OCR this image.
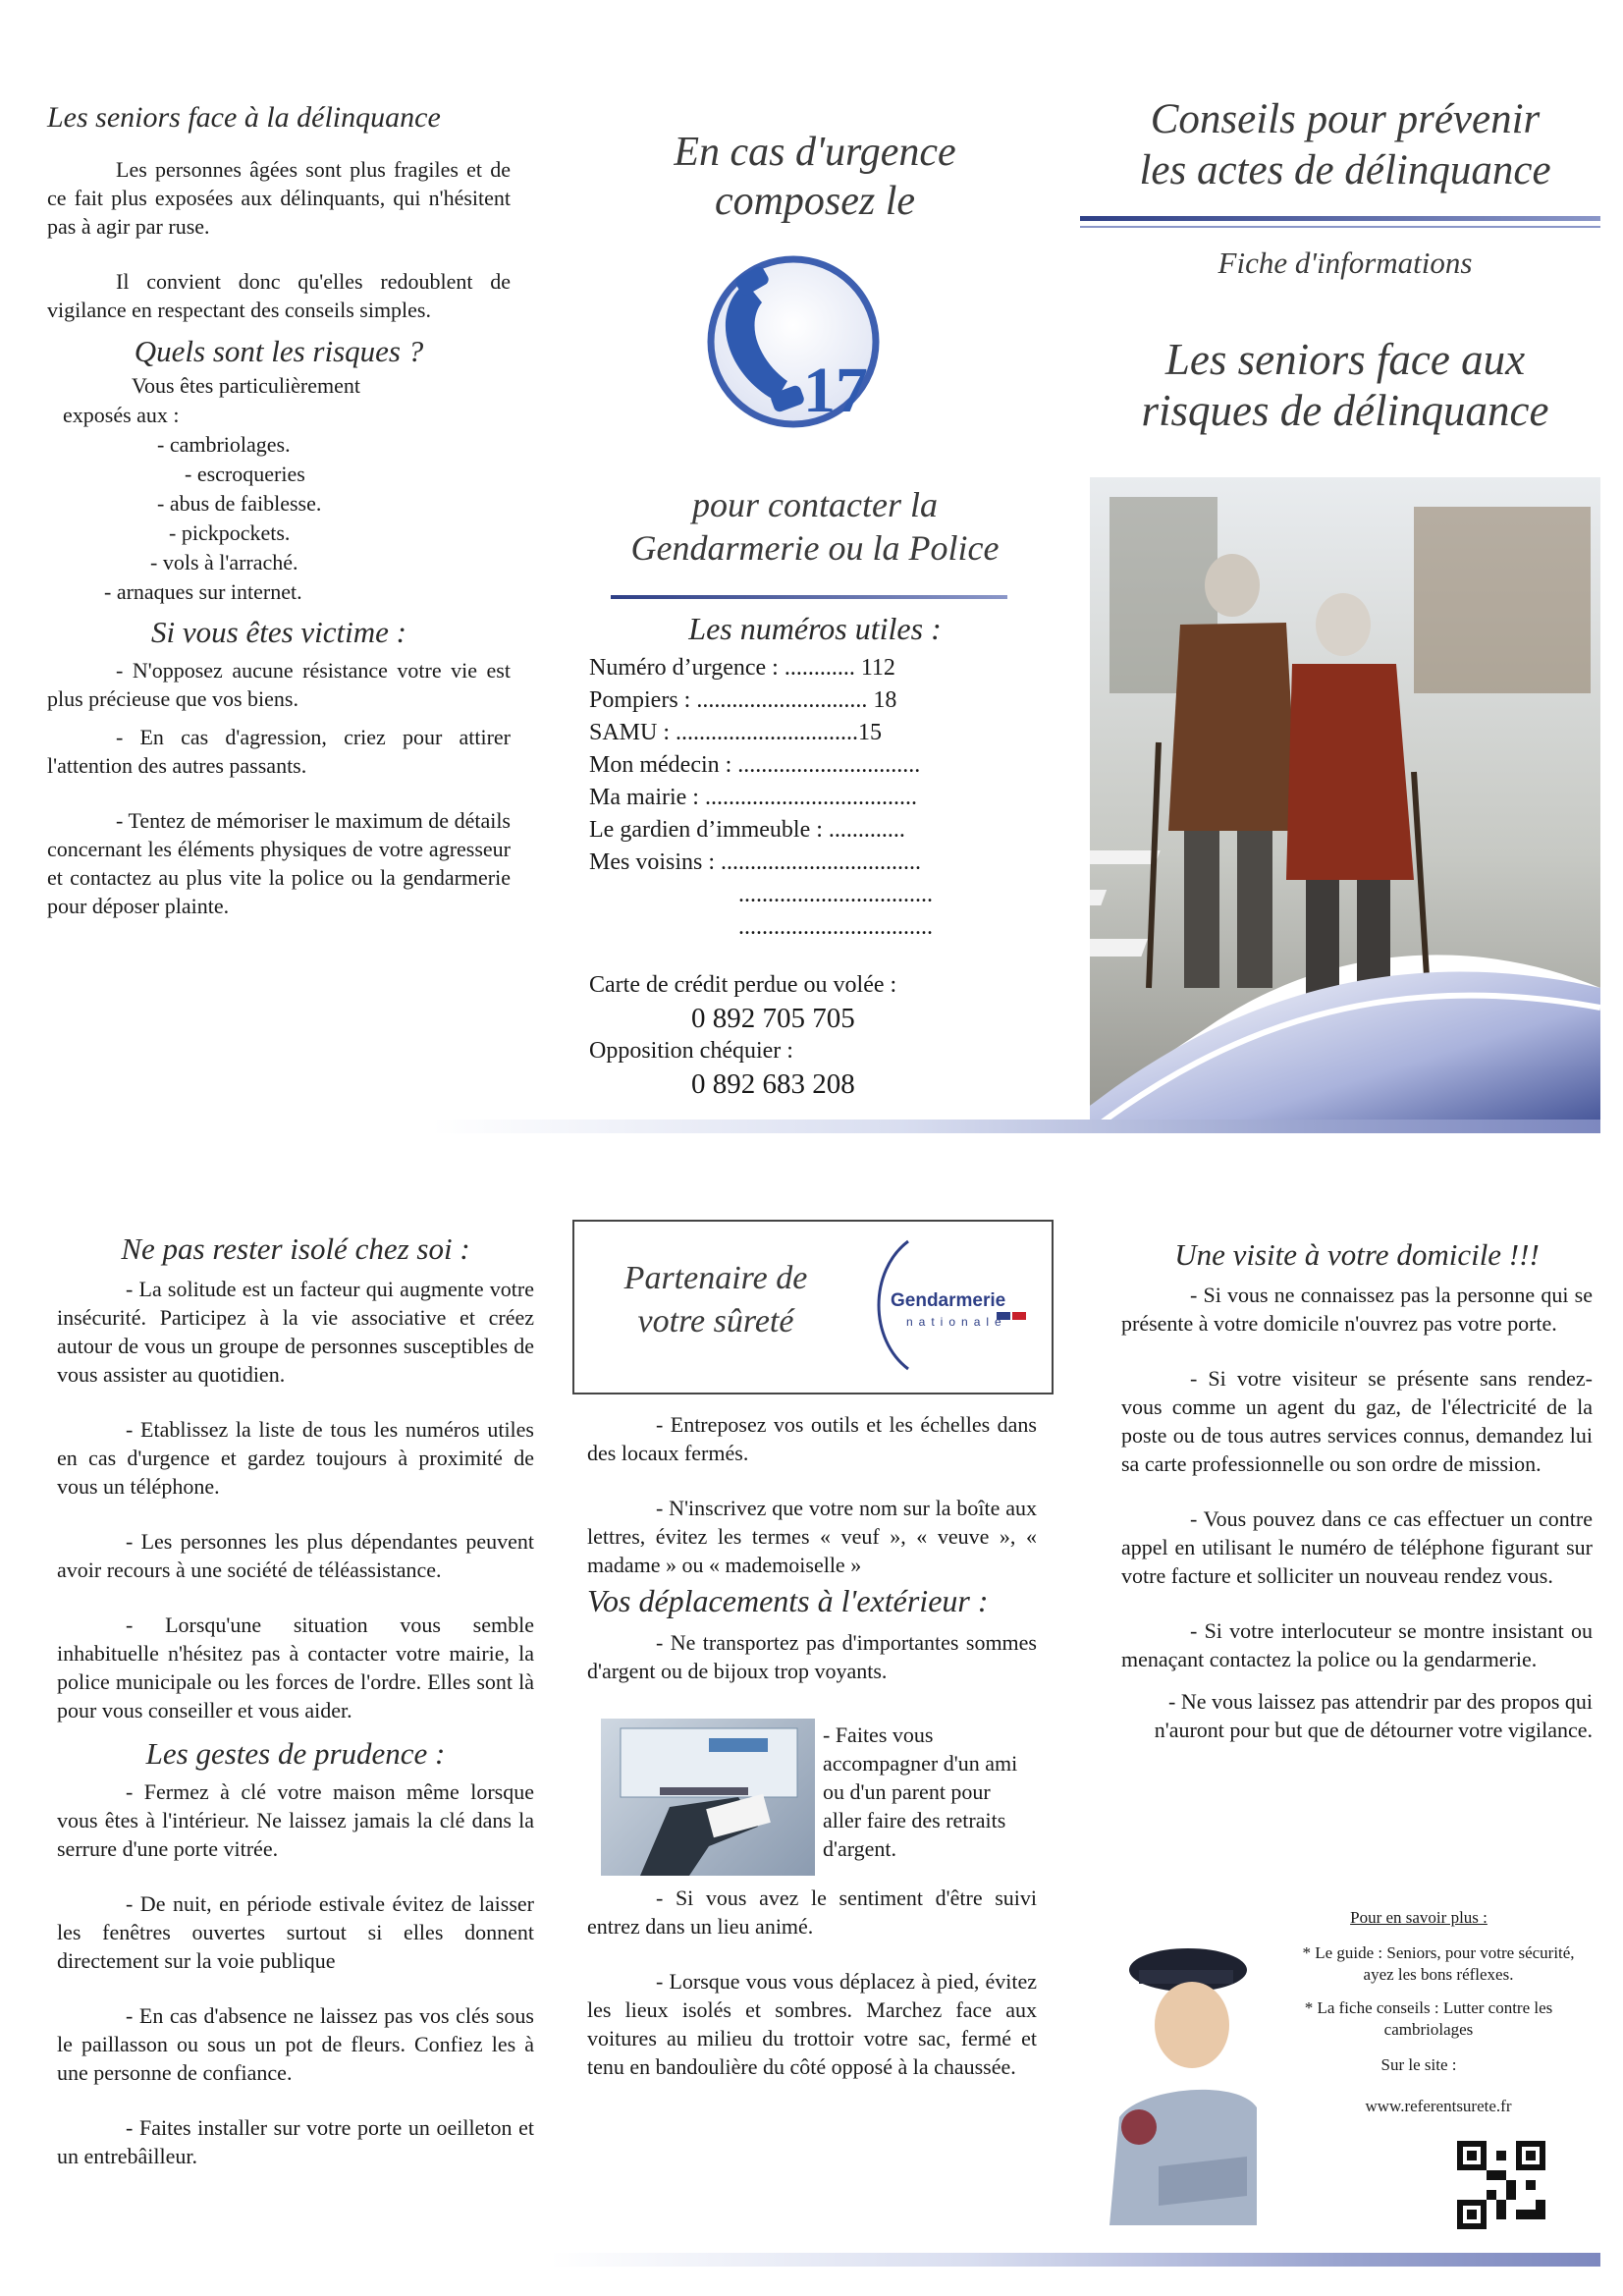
Les seniors face à la délinquance
Les personnes âgées sont plus fragiles et de ce fait plus exposées aux délinquants, qui n'hésitent pas à agir par ruse.
Il convient donc qu'elles redoublent de vigilance en respectant des conseils simples.
Quels sont les risques ?
Vous êtes particulièrement
exposés aux :
- cambriolages.
- escroqueries
- abus de faiblesse.
- pickpockets.
- vols à l'arraché.
- arnaques sur internet.
Si vous êtes victime :
- N'opposez aucune résistance votre vie est plus précieuse que vos biens.
- En cas d'agression, criez pour attirer l'attention des autres passants.
- Tentez de mémoriser le maximum de détails concernant les éléments physiques de votre agresseur et contactez au plus vite la police ou la gendarmerie pour déposer plainte.
En cas d'urgence
composez le
17
pour contacter la
Gendarmerie ou la Police
Les numéros utiles :
Numéro d’urgence : ............ 112
Pompiers : ............................. 18
SAMU : ...............................15
Mon médecin : ...............................
Ma mairie : ....................................
Le gardien d’immeuble : .............
Mes voisins : ..................................
.................................
.................................
Carte de crédit perdue ou volée :
0 892 705 705
Opposition chéquier :
0 892 683 208
Conseils pour prévenir
les actes de délinquance
Fiche d'informations
Les seniors face aux
risques de délinquance
Ne pas rester isolé chez soi :
- La solitude est un facteur qui augmente votre insécurité. Participez à la vie associative et créez autour de vous un groupe de personnes susceptibles de vous assister au quotidien.
- Etablissez la liste de tous les numéros utiles en cas d'urgence et gardez toujours à proximité de vous un téléphone.
- Les personnes les plus dépendantes peuvent avoir recours à une société de téléassistance.
- Lorsqu'une situation vous semble inhabituelle n'hésitez pas à contacter votre mairie, la police municipale ou les forces de l'ordre. Elles sont là pour vous conseiller et vous aider.
Les gestes de prudence :
- Fermez à clé votre maison même lorsque vous êtes à l'intérieur. Ne laissez jamais la clé dans la serrure d'une porte vitrée.
- De nuit, en période estivale évitez de laisser les fenêtres ouvertes surtout si elles donnent directement sur la voie publique
- En cas d'absence ne laissez pas vos clés sous le paillasson ou sous un pot de fleurs. Confiez les à une personne de confiance.
- Faites installer sur votre porte un oeilleton et un entrebâilleur.
Partenaire de
votre sûreté
Gendarmerie
nationale
- Entreposez vos outils et les échelles dans des locaux fermés.
- N'inscrivez que votre nom sur la boîte aux lettres, évitez les termes « veuf », « veuve », « madame » ou « mademoiselle »
Vos déplacements à l'extérieur :
- Ne transportez pas d'importantes sommes d'argent ou de bijoux trop voyants.
- Faites vous accompagner d'un ami ou d'un parent pour aller faire des retraits d'argent.
- Si vous avez le sentiment d'être suivi entrez dans un lieu animé.
- Lorsque vous vous déplacez à pied, évitez les lieux isolés et sombres. Marchez face aux voitures au milieu du trottoir votre sac, fermé et tenu en bandoulière du côté opposé à la chaussée.
Une visite à votre domicile !!!
- Si vous ne connaissez pas la personne qui se présente à votre domicile n'ouvrez pas votre porte.
- Si votre visiteur se présente sans rendez-vous comme un agent du gaz, de l'électricité de la poste ou de tous autres services connus, demandez lui sa carte professionnelle ou son ordre de mission.
- Vous pouvez dans ce cas effectuer un contre appel en utilisant le numéro de téléphone figurant sur votre facture et solliciter un nouveau rendez vous.
- Si votre interlocuteur se montre insistant ou menaçant contactez la police ou la gendarmerie.
- Ne vous laissez pas attendrir par des propos qui n'auront pour but que de détourner votre vigilance.
Pour en savoir plus :
* Le guide : Seniors, pour votre sécurité, ayez les bons réflexes.
* La fiche conseils : Lutter contre les cambriolages
Sur le site :
www.referentsurete.fr
